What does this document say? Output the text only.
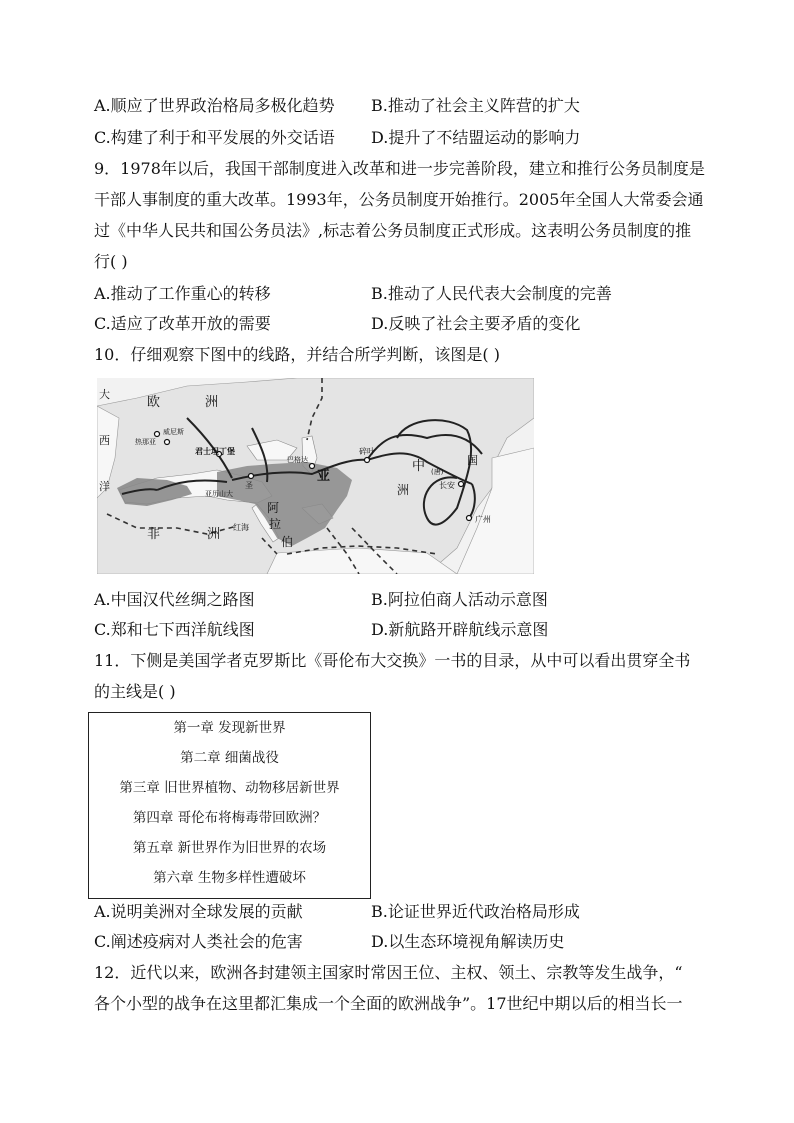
A.顺应了世界政治格局多极化趋势 B.推动了社会主义阵营的扩大
C.构建了利于和平发展的外交话语 D.提升了不结盟运动的影响力
9．1978年以后，我国干部制度进入改革和进一步完善阶段，建立和推行公务员制度是
干部人事制度的重大改革。1993年，公务员制度开始推行。2005年全国人大常委会通
过《中华人民共和国公务员法》,标志着公务员制度正式形成。这表明公务员制度的推
行( )
A.推动了工作重心的转移	B.推动了人民代表大会制度的完善
C.适应了改革开放的需要	D.反映了社会主要矛盾的变化
10．仔细观察下图中的线路，并结合所学判断，该图是( )
大
西
洋
欧	洲
非	洲
亚
中
洲
国
阿
拉
伯
红海
威尼斯
热那亚
君士坦丁堡
亚历山大
巴格达
长安
广州
碎叶
(唐)
圣
A.中国汉代丝绸之路图	B.阿拉伯商人活动示意图
C.郑和七下西洋航线图	D.新航路开辟航线示意图
11．下侧是美国学者克罗斯比《哥伦布大交换》一书的目录，从中可以看出贯穿全书
的主线是( )
第一章 发现新世界
第二章 细菌战役
第三章 旧世界植物、动物移居新世界
第四章 哥伦布将梅毒带回欧洲？
第五章 新世界作为旧世界的农场
第六章 生物多样性遭破坏
A.说明美洲对全球发展的贡献	B.论证世界近代政治格局形成
C.阐述疫病对人类社会的危害	D.以生态环境视角解读历史
12．近代以来，欧洲各封建领主国家时常因王位、主权、领土、宗教等发生战争，“
各个小型的战争在这里都汇集成一个全面的欧洲战争”。17世纪中期以后的相当长一
